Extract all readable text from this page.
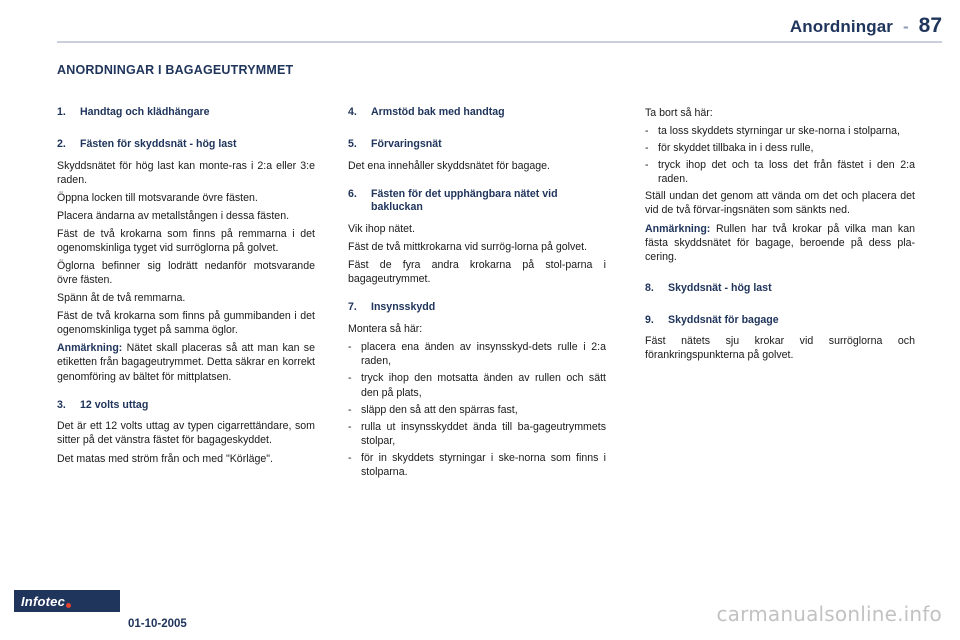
Anordningar - 87
ANORDNINGAR I BAGAGEUTRYMMET
1.	Handtag och klädhängare
2.	Fästen för skyddsnät - hög last

Skyddsnätet för hög last kan monte-ras i 2:a eller 3:e raden.

Öppna locken till motsvarande övre fästen.

Placera ändarna av metallstången i dessa fästen.

Fäst de två krokarna som finns på remmarna i det ogenomskinliga tyget vid surröglorna på golvet.

Öglorna befinner sig lodrätt nedanför motsvarande övre fästen.

Spänn åt de två remmarna.

Fäst de två krokarna som finns på gummibanden i det ogenomskinliga tyget på samma öglor.

Anmärkning: Nätet skall placeras så att man kan se etiketten från bagageutrymmet. Detta säkrar en korrekt genomföring av bältet för mittplatsen.

3.	12 volts uttag

Det är ett 12 volts uttag av typen cigarrettändare, som sitter på det vänstra fästet för bagageskyddet.

Det matas med ström från och med "Körläge".

4.	Armstöd bak med handtag
5.	Förvaringsnät

Det ena innehåller skyddsnätet för bagage.

6.	Fästen för det upphängbara nätet vid bakluckan

Vik ihop nätet.

Fäst de två mittkrokarna vid surrög-lorna på golvet.

Fäst de fyra andra krokarna på stol-parna i bagageutrymmet.

7.	Insynsskydd

Montera så här:

- placera ena änden av insynsskyd-dets rulle i 2:a raden,
- tryck ihop den motsatta änden av rullen och sätt den på plats,
- släpp den så att den spärras fast,
- rulla ut insynsskyddet ända till ba-gageutrymmets stolpar,
- för in skyddets styrningar i ske-norna som finns i stolparna.

Ta bort så här:

- ta loss skyddets styrningar ur ske-norna i stolparna,
- för skyddet tillbaka in i dess rulle,
- tryck ihop det och ta loss det från fästet i den 2:a raden.

Ställ undan det genom att vända om det och placera det vid de två förvar-ingsnäten som sänkts ned.

Anmärkning: Rullen har två krokar på vilka man kan fästa skyddsnätet för bagage, beroende på dess pla-cering.

8.	Skyddsnät - hög last
9.	Skyddsnät för bagage

Fäst nätets sju krokar vid surröglorna och förankringspunkterna på golvet.

Infotec
01-10-2005	carmanualsonline.info
